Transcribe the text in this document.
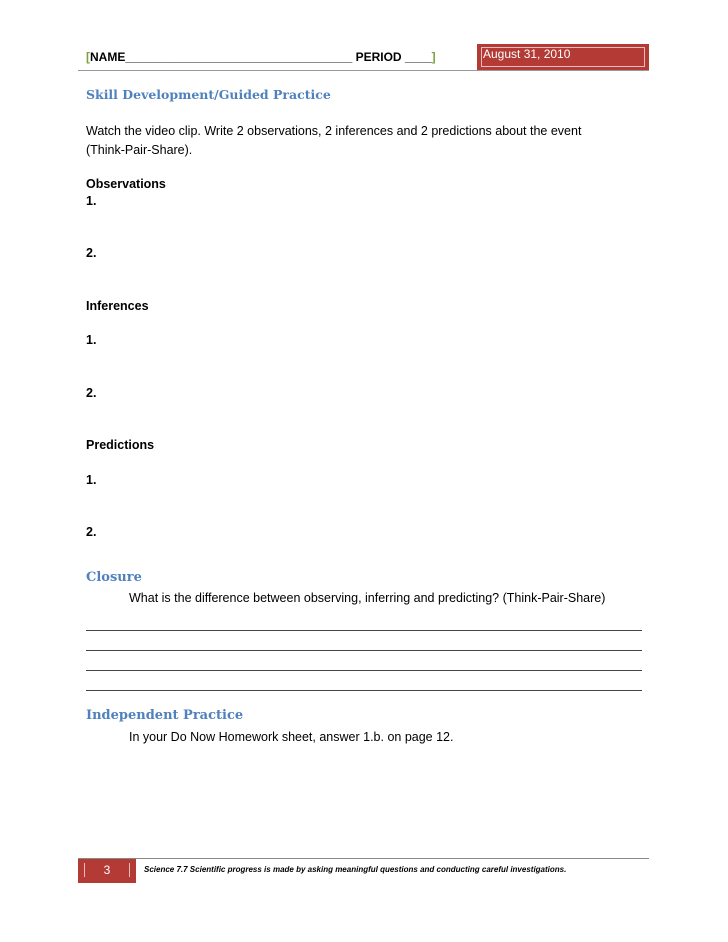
[NAME__________________________________ PERIOD ____]	August 31, 2010
Skill Development/Guided Practice
Watch the video clip. Write 2 observations, 2 inferences and 2 predictions about the event
(Think-Pair-Share).
Observations
1.
2.
Inferences
1.
2.
Predictions
1.
2.
Closure
What is the difference between observing, inferring and predicting? (Think-Pair-Share)
Independent Practice
In your Do Now Homework sheet, answer 1.b. on page 12.
3	Science 7.7 Scientific progress is made by asking meaningful questions and conducting careful investigations.
